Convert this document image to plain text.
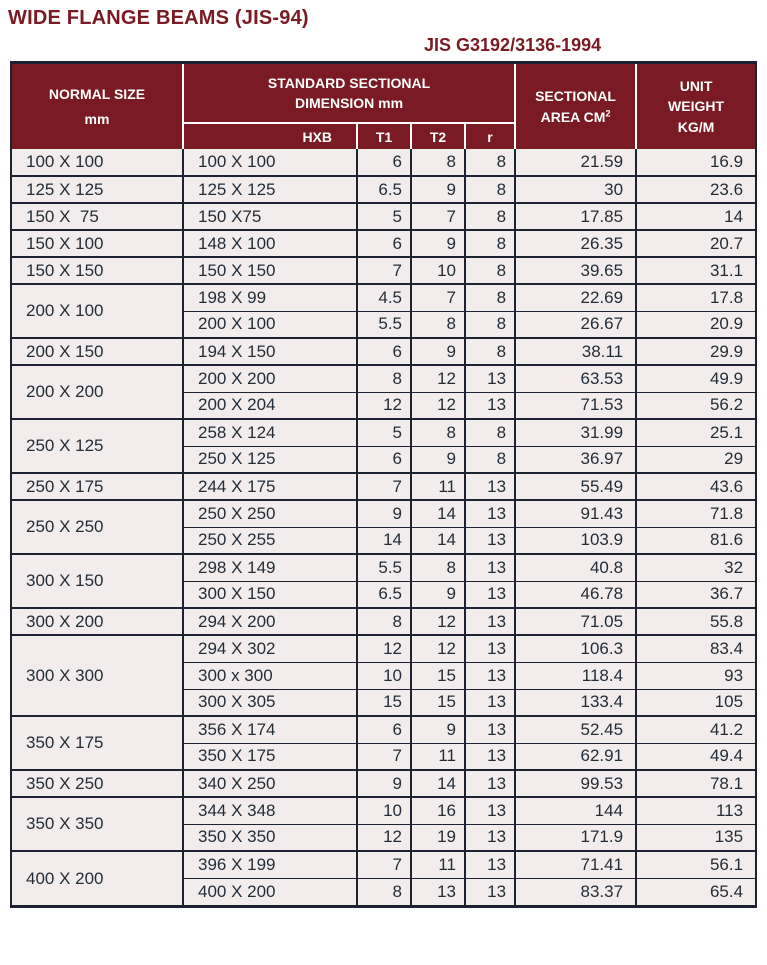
WIDE FLANGE BEAMS (JIS-94)
JIS G3192/3136-1994
NORMAL SIZE
mm

STANDARD SECTIONAL
DIMENSION mm	SECTIONAL
AREA $CM^2$

UNIT
WEIGHT
KG/M

	HXB	T1	T2	r		
100 X 100	100 X 100	6	8	8	21.59	16.9
125 X 125	125 X 125	6.5	9	8	30	23.6
150 X  75	150 X75	5	7	8	17.85	14
150 X 100	148 X 100	6	9	8	26.35	20.7
150 X 150	150 X 150	7	10	8	39.65	31.1
200 X 100	198 X 99	4.5	7	8	22.69	17.8
	200 X 100	5.5	8	8	26.67	20.9
200 X 150	194 X 150	6	9	8	38.11	29.9
200 X 200	200 X 200	8	12	13	63.53	49.9
	200 X 204	12	12	13	71.53	56.2
250 X 125	258 X 124	5	8	8	31.99	25.1
	250 X 125	6	9	8	36.97	29
250 X 175	244 X 175	7	11	13	55.49	43.6
250 X 250	250 X 250	9	14	13	91.43	71.8
	250 X 255	14	14	13	103.9	81.6
300 X 150	298 X 149	5.5	8	13	40.8	32
	300 X 150	6.5	9	13	46.78	36.7
300 X 200	294 X 200	8	12	13	71.05	55.8
300 X 300	294 X 302	12	12	13	106.3	83.4
	300 x 300	10	15	13	118.4	93
	300 X 305	15	15	13	133.4	105
350 X 175	356 X 174	6	9	13	52.45	41.2
	350 X 175	7	11	13	62.91	49.4
350 X 250	340 X 250	9	14	13	99.53	78.1
350 X 350	344 X 348	10	16	13	144	113
	350 X 350	12	19	13	171.9	135
400 X 200	396 X 199	7	11	13	71.41	56.1
	400 X 200	8	13	13	83.37	65.4
